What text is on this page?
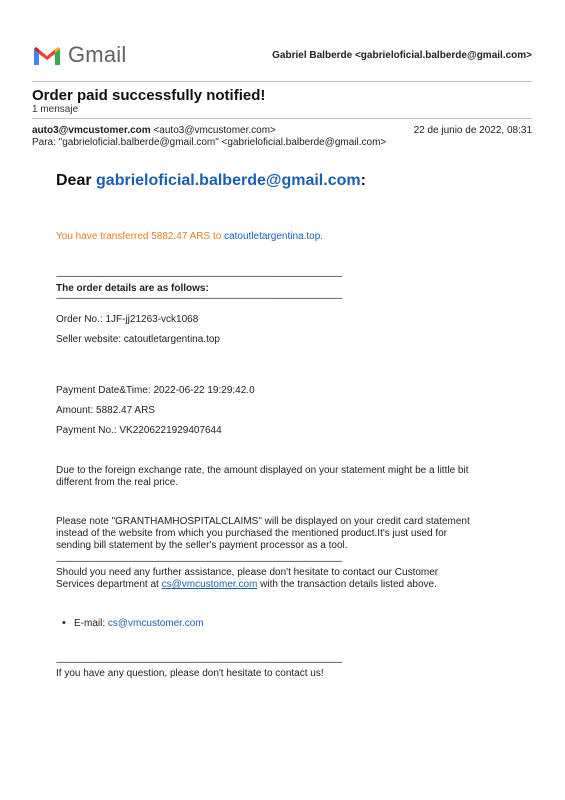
Gmail	Gabriel Balberde <gabrieloficial.balberde@gmail.com>
Order paid successfully notified!
1 mensaje
auto3@vmcustomer.com <auto3@vmcustomer.com>	22 de junio de 2022, 08:31
Para: "gabrieloficial.balberde@gmail.com" <gabrieloficial.balberde@gmail.com>
Dear gabrieloficial.balberde@gmail.com:
You have transferred 5882.47 ARS to catoutletargentina.top.
-----------------------------------------------------------------------------------------------------------------------------------------------
The order details are as follows:
-----------------------------------------------------------------------------------------------------------------------------------------------
Order No.: 1JF-jj21263-vck1068
Seller website: catoutletargentina.top
Payment Date&Time: 2022-06-22 19:29:42.0
Amount: 5882.47 ARS
Payment No.: VK2206221929407644
Due to the foreign exchange rate, the amount displayed on your statement might be a little bit
different from the real price.
Please note "GRANTHAMHOSPITALCLAIMS" will be displayed on your credit card statement
instead of the website from which you purchased the mentioned product.It's just used for
sending bill statement by the seller's payment processor as a tool.
-----------------------------------------------------------------------------------------------------------------------------------------------
Should you need any further assistance, please don't hesitate to contact our Customer
Services department at cs@vmcustomer.com with the transaction details listed above.
• E-mail: cs@vmcustomer.com
-----------------------------------------------------------------------------------------------------------------------------------------------
If you have any question, please don't hesitate to contact us!
